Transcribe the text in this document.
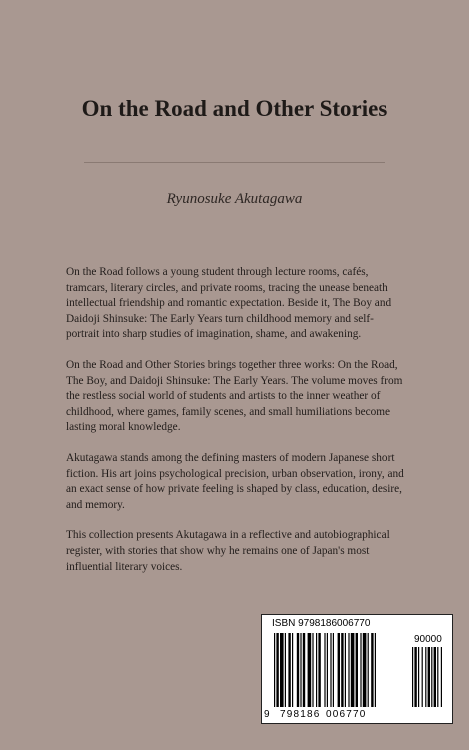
On the Road and Other Stories
Ryunosuke Akutagawa

On the Road follows a young student through lecture rooms, cafés, tramcars, literary circles, and private rooms, tracing the unease beneath intellectual friendship and romantic expectation. Beside it, The Boy and Daidoji Shinsuke: The Early Years turn childhood memory and self-portrait into sharp studies of imagination, shame, and awakening.

On the Road and Other Stories brings together three works: On the Road, The Boy, and Daidoji Shinsuke: The Early Years. The volume moves from the restless social world of students and artists to the inner weather of childhood, where games, family scenes, and small humiliations become lasting moral knowledge.

Akutagawa stands among the defining masters of modern Japanese short fiction. His art joins psychological precision, urban observation, irony, and an exact sense of how private feeling is shaped by class, education, desire, and memory.

This collection presents Akutagawa in a reflective and autobiographical register, with stories that show why he remains one of Japan's most influential literary voices.

ISBN 9798186006770
90000
9 798186 006770
